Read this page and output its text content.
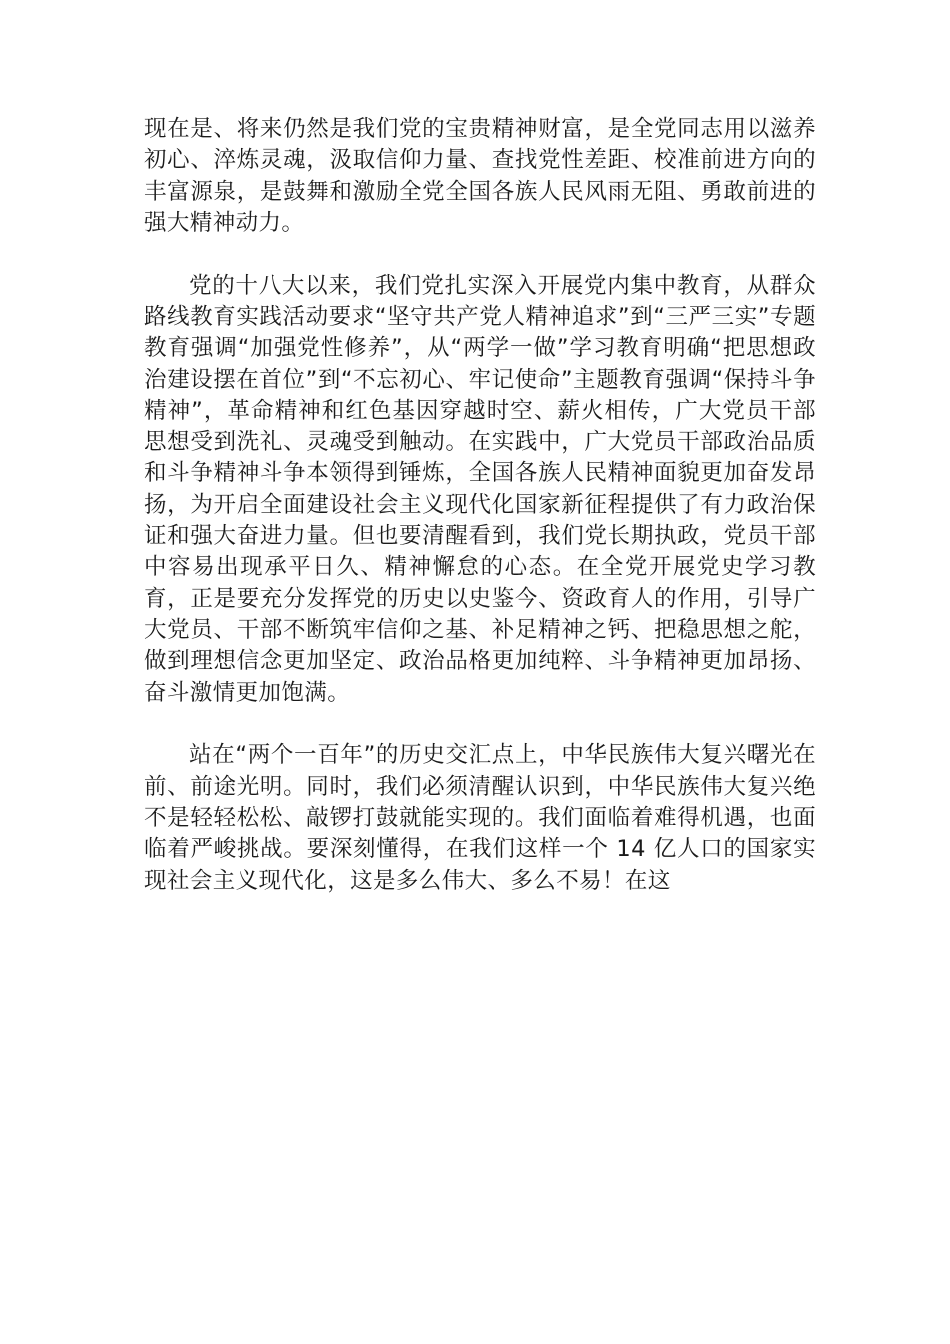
现在是、将来仍然是我们党的宝贵精神财富，是全党同志用以滋养初心、淬炼灵魂，汲取信仰力量、查找党性差距、校准前进方向的丰富源泉，是鼓舞和激励全党全国各族人民风雨无阻、勇敢前进的强大精神动力。

党的十八大以来，我们党扎实深入开展党内集中教育，从群众路线教育实践活动要求“坚守共产党人精神追求”到“三严三实”专题教育强调“加强党性修养”，从“两学一做”学习教育明确“把思想政治建设摆在首位”到“不忘初心、牢记使命”主题教育强调“保持斗争精神”，革命精神和红色基因穿越时空、薪火相传，广大党员干部思想受到洗礼、灵魂受到触动。在实践中，广大党员干部政治品质和斗争精神斗争本领得到锤炼，全国各族人民精神面貌更加奋发昂扬，为开启全面建设社会主义现代化国家新征程提供了有力政治保证和强大奋进力量。但也要清醒看到，我们党长期执政，党员干部中容易出现承平日久、精神懈怠的心态。在全党开展党史学习教育，正是要充分发挥党的历史以史鉴今、资政育人的作用，引导广大党员、干部不断筑牢信仰之基、补足精神之钙、把稳思想之舵，做到理想信念更加坚定、政治品格更加纯粹、斗争精神更加昂扬、奋斗激情更加饱满。

站在“两个一百年”的历史交汇点上，中华民族伟大复兴曙光在前、前途光明。同时，我们必须清醒认识到，中华民族伟大复兴绝不是轻轻松松、敲锣打鼓就能实现的。我们面临着难得机遇，也面临着严峻挑战。要深刻懂得，在我们这样一个 14 亿人口的国家实现社会主义现代化，这是多么伟大、多么不易！在这
